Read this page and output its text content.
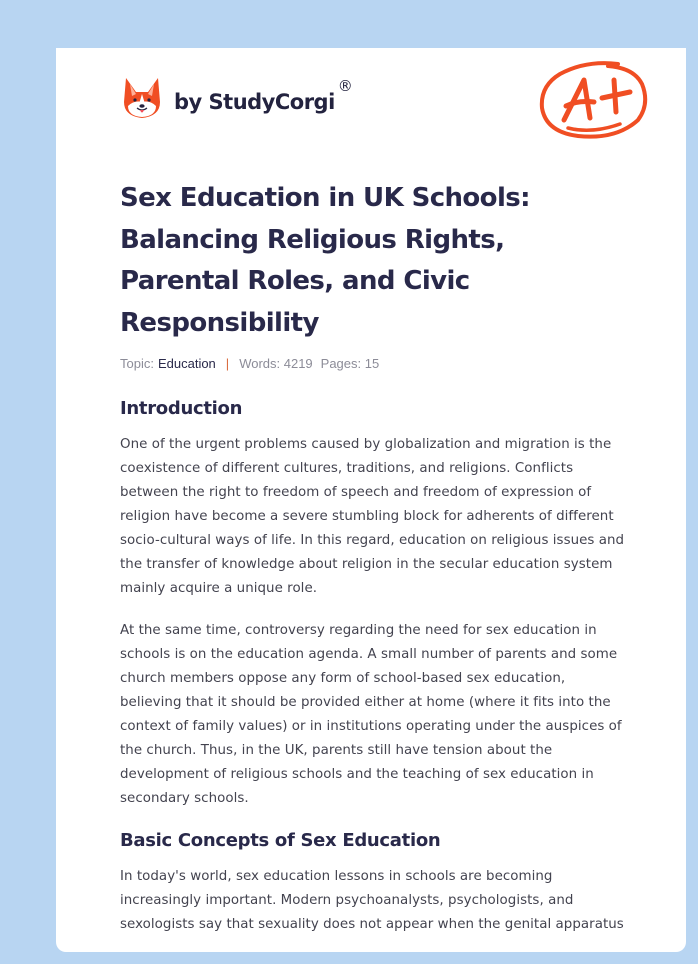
by StudyCorgi
®
Sex Education in UK Schools: Balancing Religious Rights, Parental Roles, and Civic Responsibility
Topic: Education | Words: 4219 Pages: 15
Introduction

One of the urgent problems caused by globalization and migration is the coexistence of different cultures, traditions, and religions. Conflicts between the right to freedom of speech and freedom of expression of religion have become a severe stumbling block for adherents of different socio-cultural ways of life. In this regard, education on religious issues and the transfer of knowledge about religion in the secular education system mainly acquire a unique role.

At the same time, controversy regarding the need for sex education in schools is on the education agenda. A small number of parents and some church members oppose any form of school-based sex education, believing that it should be provided either at home (where it fits into the context of family values) or in institutions operating under the auspices of the church. Thus, in the UK, parents still have tension about the development of religious schools and the teaching of sex education in secondary schools.

Basic Concepts of Sex Education

In today's world, sex education lessons in schools are becoming increasingly important. Modern psychoanalysts, psychologists, and sexologists say that sexuality does not appear when the genital apparatus
